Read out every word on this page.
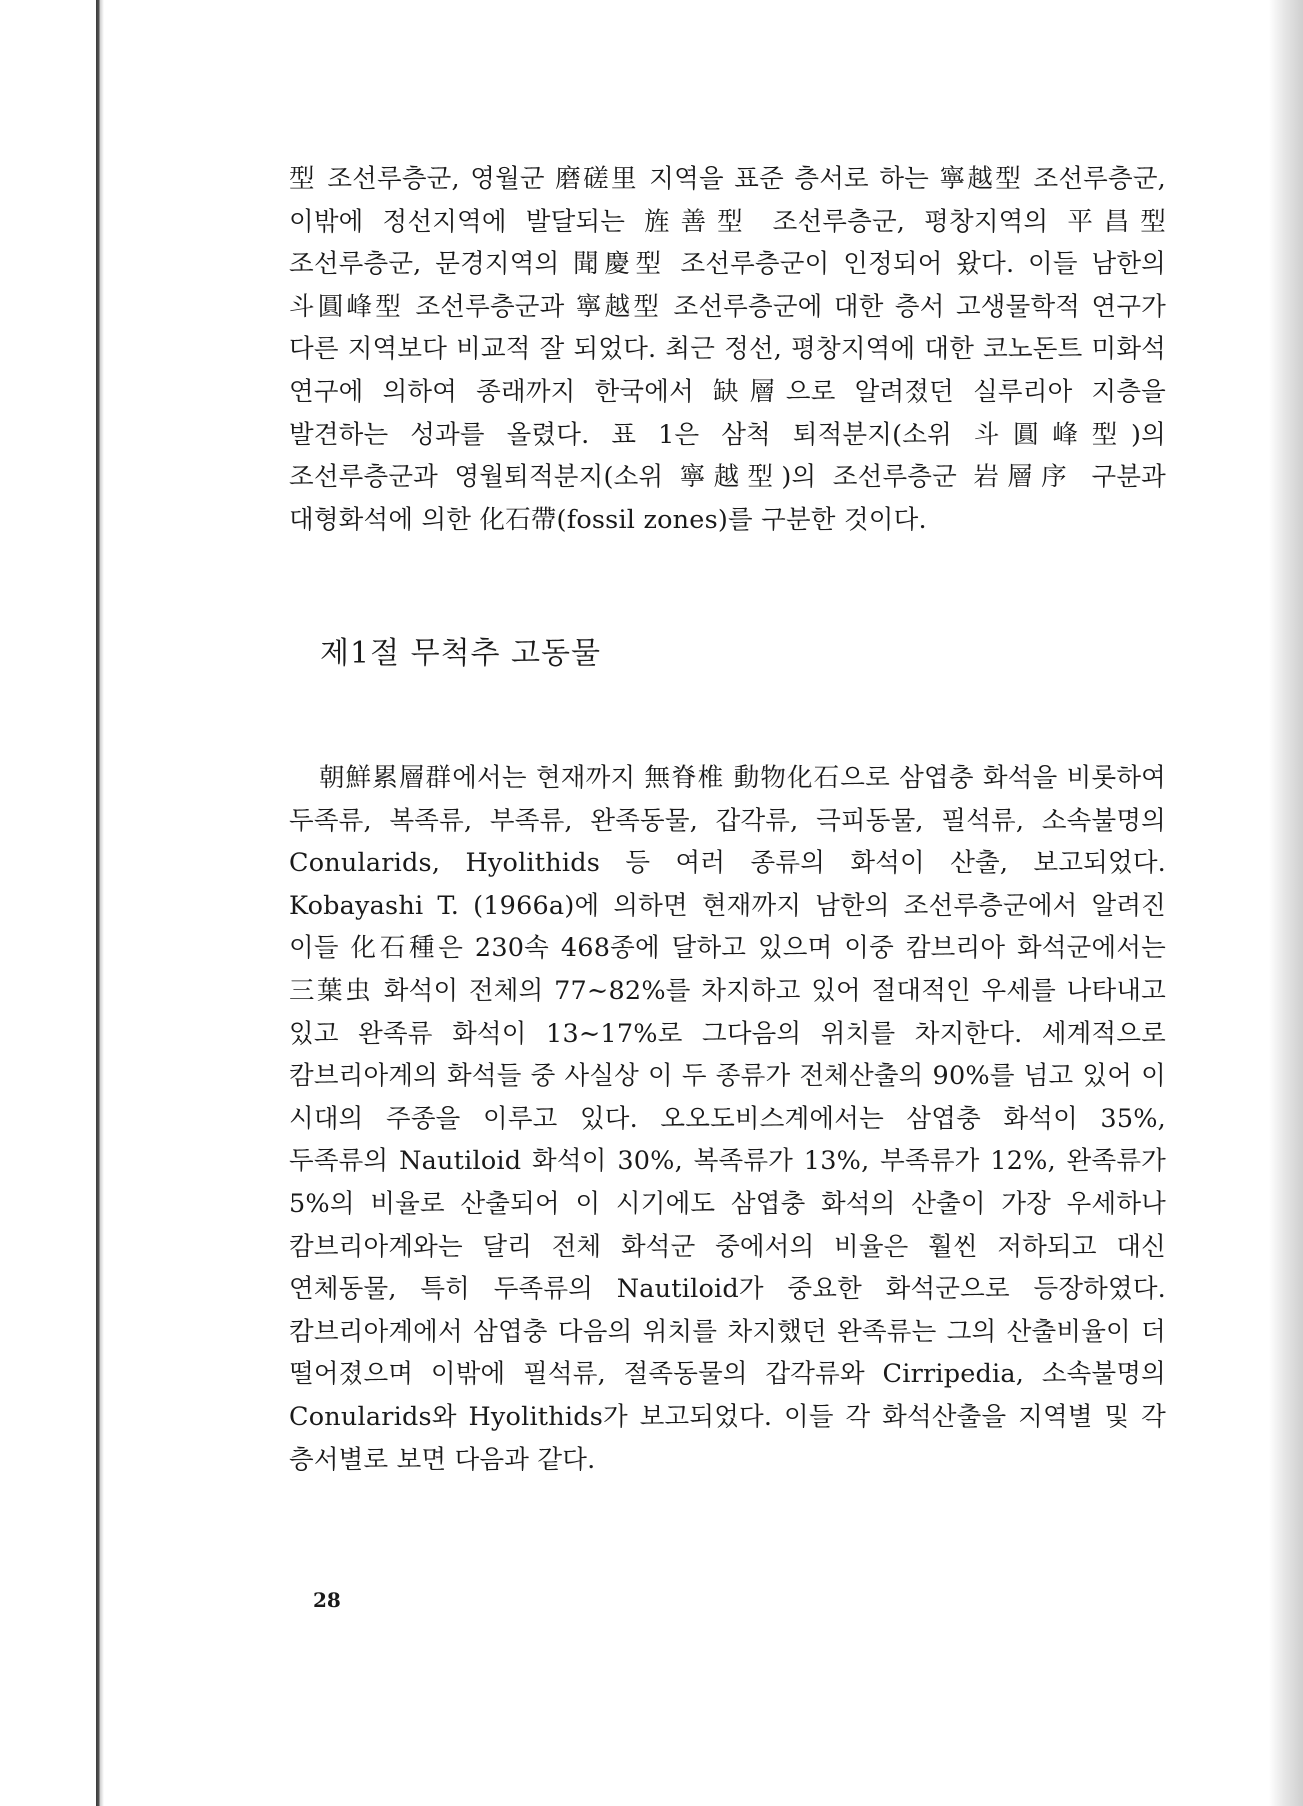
型 조선루층군, 영월군 磨磋里 지역을 표준 층서로 하는 寧越型 조선루층군, 이밖에 정선지역에 발달되는 旌善型 조선루층군, 평창지역의 平昌型 조선루층군, 문경지역의 聞慶型 조선루층군이 인정되어 왔다. 이들 남한의 斗圓峰型 조선루층군과 寧越型 조선루층군에 대한 층서 고생물학적 연구가 다른 지역보다 비교적 잘 되었다. 최근 정선, 평창지역에 대한 코노돈트 미화석 연구에 의하여 종래까지 한국에서 缺層으로 알려졌던 실루리아 지층을 발견하는 성과를 올렸다. 표 1은 삼척 퇴적분지(소위 斗圓峰型)의 조선루층군과 영월퇴적분지(소위 寧越型)의 조선루층군 岩層序 구분과 대형화석에 의한 化石帶(fossil zones)를 구분한 것이다.

제1절 무척추 고동물

朝鮮累層群에서는 현재까지 無脊椎 動物化石으로 삼엽충 화석을 비롯하여 두족류, 복족류, 부족류, 완족동물, 갑각류, 극피동물, 필석류, 소속불명의 Conularids, Hyolithids 등 여러 종류의 화석이 산출, 보고되었다. Kobayashi T. (1966a)에 의하면 현재까지 남한의 조선루층군에서 알려진 이들 化石種은 230속 468종에 달하고 있으며 이중 캄브리아 화석군에서는 三葉虫 화석이 전체의 77∼82%를 차지하고 있어 절대적인 우세를 나타내고 있고 완족류 화석이 13∼17%로 그다음의 위치를 차지한다. 세계적으로 캄브리아계의 화석들 중 사실상 이 두 종류가 전체산출의 90%를 넘고 있어 이 시대의 주종을 이루고 있다. 오오도비스계에서는 삼엽충 화석이 35%, 두족류의 Nautiloid 화석이 30%, 복족류가 13%, 부족류가 12%, 완족류가 5%의 비율로 산출되어 이 시기에도 삼엽충 화석의 산출이 가장 우세하나 캄브리아계와는 달리 전체 화석군 중에서의 비율은 훨씬 저하되고 대신 연체동물, 특히 두족류의 Nautiloid가 중요한 화석군으로 등장하였다. 캄브리아계에서 삼엽충 다음의 위치를 차지했던 완족류는 그의 산출비율이 더 떨어졌으며 이밖에 필석류, 절족동물의 갑각류와 Cirripedia, 소속불명의 Conularids와 Hyolithids가 보고되었다. 이들 각 화석산출을 지역별 및 각 층서별로 보면 다음과 같다.

28
